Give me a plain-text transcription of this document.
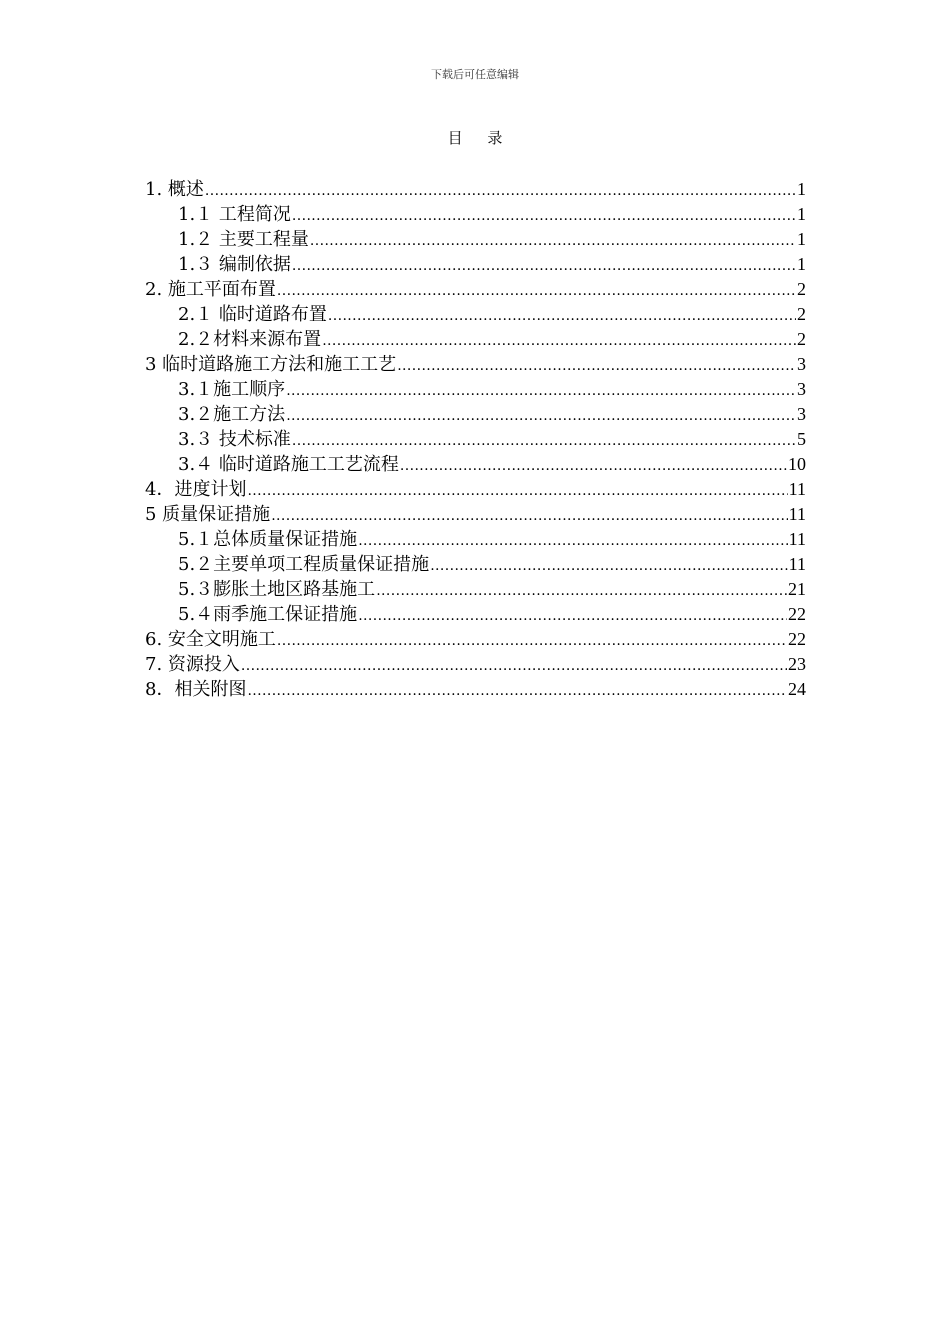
下载后可任意编辑
目 录
1. 概述 .....	1
1.１ 工程简况 .....	1
1.２ 主要工程量 .....	1
1.３ 编制依据 .....	1
2. 施工平面布置 .....	2
2.１ 临时道路布置 .....	2
2.２材料来源布置 .....	2
3 临时道路施工方法和施工工艺 .....	3
3.１施工顺序 .....	3
3.２施工方法 .....	3
3.３ 技术标准 .....	5
3.４ 临时道路施工工艺流程 .....	10
4．进度计划 .....	11
5 质量保证措施 .....	11
5.１总体质量保证措施 .....	11
5.２主要单项工程质量保证措施 .....	11
5.３膨胀土地区路基施工 .....	21
5.４雨季施工保证措施 .....	22
6. 安全文明施工 .....	22
7. 资源投入 .....	23
8．相关附图 .....	24
